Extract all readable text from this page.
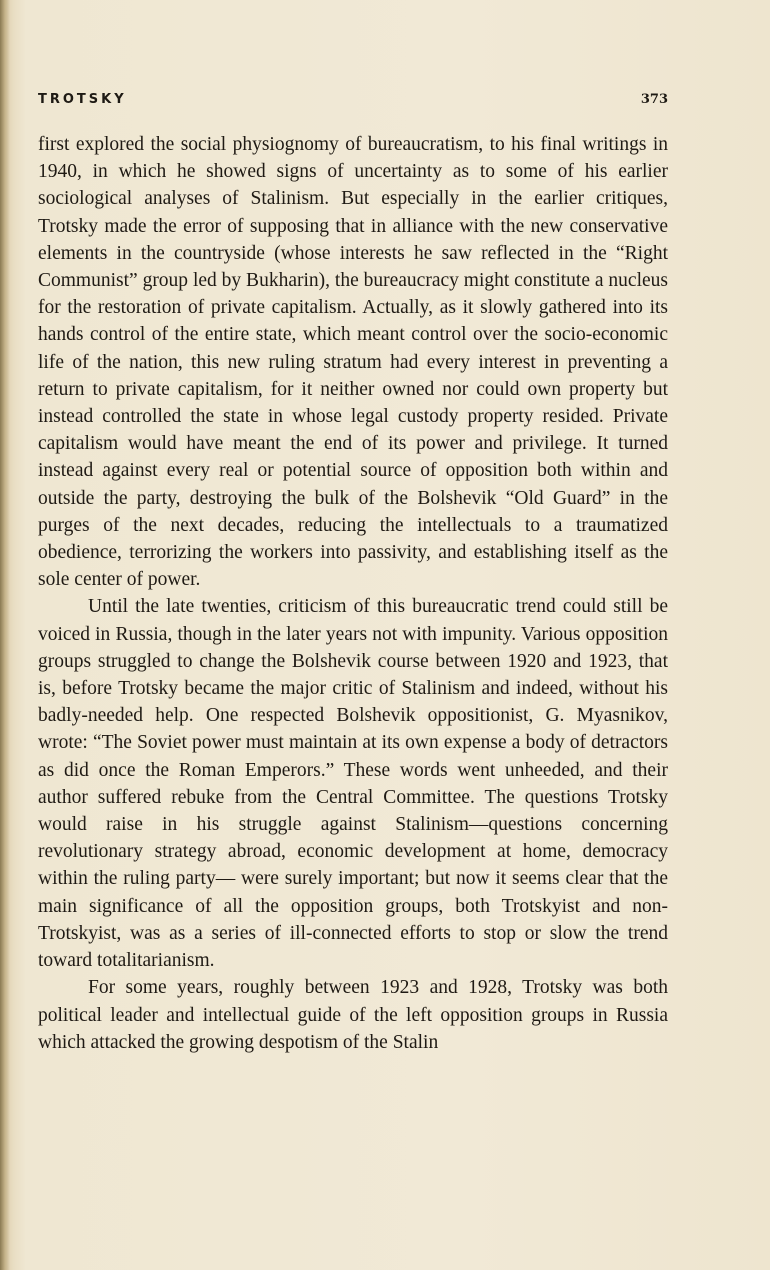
TROTSKY	373

first explored the social physiognomy of bureaucratism, to his final writings in 1940, in which he showed signs of uncertainty as to some of his earlier sociological analyses of Stalinism. But especially in the earlier critiques, Trotsky made the error of supposing that in alliance with the new conservative elements in the countryside (whose interests he saw reflected in the “Right Communist” group led by Bukharin), the bureaucracy might constitute a nucleus for the restoration of private capitalism. Actually, as it slowly gathered into its hands control of the entire state, which meant control over the socio-economic life of the nation, this new ruling stratum had every interest in preventing a return to private capitalism, for it neither owned nor could own property but instead controlled the state in whose legal custody property resided. Private capitalism would have meant the end of its power and privilege. It turned instead against every real or potential source of opposition both within and outside the party, destroying the bulk of the Bolshevik “Old Guard” in the purges of the next decades, reducing the intellectuals to a traumatized obedience, terrorizing the workers into passivity, and establishing itself as the sole center of power.

Until the late twenties, criticism of this bureaucratic trend could still be voiced in Russia, though in the later years not with impunity. Various opposition groups struggled to change the Bolshevik course between 1920 and 1923, that is, before Trotsky became the major critic of Stalinism and indeed, without his badly-needed help. One respected Bolshevik oppositionist, G. Myasnikov, wrote: “The Soviet power must maintain at its own expense a body of detractors as did once the Roman Emperors.” These words went unheeded, and their author suffered rebuke from the Central Committee. The questions Trotsky would raise in his struggle against Stalinism—questions concerning revolutionary strategy abroad, economic development at home, democracy within the ruling party— were surely important; but now it seems clear that the main significance of all the opposition groups, both Trotskyist and non-Trotskyist, was as a series of ill-connected efforts to stop or slow the trend toward totalitarianism.

For some years, roughly between 1923 and 1928, Trotsky was both political leader and intellectual guide of the left opposition groups in Russia which attacked the growing despotism of the Stalin
